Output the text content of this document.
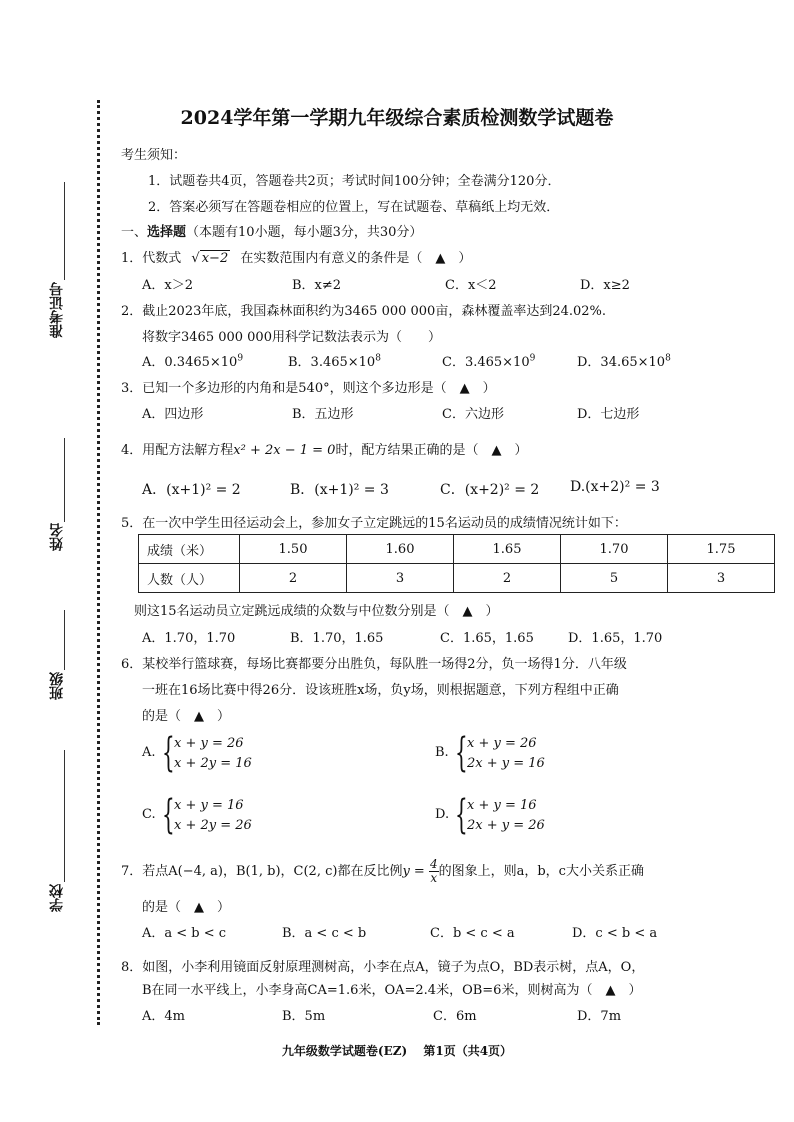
准考证号
姓名
班级
学校
2024学年第一学期九年级综合素质检测数学试题卷
考生须知：
1．试题卷共4页，答题卷共2页；考试时间100分钟；全卷满分120分．
2．答案必须写在答题卷相应的位置上，写在试题卷、草稿纸上均无效．
一、选择题（本题有10小题，每小题3分，共30分）
1．代数式 √ x−2 在实数范围内有意义的条件是（　▲　）
A．x＞2	B．x≠2	C．x＜2	D．x≥2
2．截止2023年底，我国森林面积约为3465 000 000亩，森林覆盖率达到24.02%.
将数字3465 000 000用科学记数法表示为（　　）
A．$0.3465\times 10^9$	B．$3.465\times 10^8$	C．$3.465\times 10^9$	D．$34.65\times 10^8$
3．已知一个多边形的内角和是540°，则这个多边形是（　▲　）
A．四边形	B．五边形	C．六边形	D．七边形
4．用配方法解方程x² + 2x − 1 = 0时，配方结果正确的是（　▲　）
A．(x+1)² = 2	B．(x+1)² = 3	C．(x+2)² = 2 D.(x+2)² = 3
5．在一次中学生田径运动会上，参加女子立定跳远的15名运动员的成绩情况统计如下：
成绩（米）	1.50	1.60	1.65	1.70	1.75
人数（人）	2	3	2	5	3
则这15名运动员立定跳远成绩的众数与中位数分别是（　▲　）
A．1.70，1.70	B．1.70，1.65	C．1.65，1.65	D．1.65，1.70
6．某校举行篮球赛，每场比赛都要分出胜负，每队胜一场得2分，负一场得1分．八年级
一班在16场比赛中得26分．设该班胜x场，负y场，则根据题意，下列方程组中正确
的是（　▲　）
A. { x + y = 26
x + 2y = 16
B. { x + y = 26
2x + y = 16
C. { x + y = 16
x + 2y = 26
D. { x + y = 16
2x + y = 26
7．若点A(−4, a)，B(1, b)，C(2, c)都在反比例$y = \frac{4}{x}$ 的图象上，则a，b，c大小关系正确
的是（　▲　）
A．a < b < c	B．a < c < b	C．b < c < a	D．c < b < a
8．如图，小李利用镜面反射原理测树高，小李在点A，镜子为点O，BD表示树，点A，O，
B在同一水平线上，小李身高CA=1.6米，OA=2.4米，OB=6米，则树高为（　▲　）
A．4m	B．5m	C．6m	D．7m
九年级数学试题卷(EZ)　 第1页（共4页）
